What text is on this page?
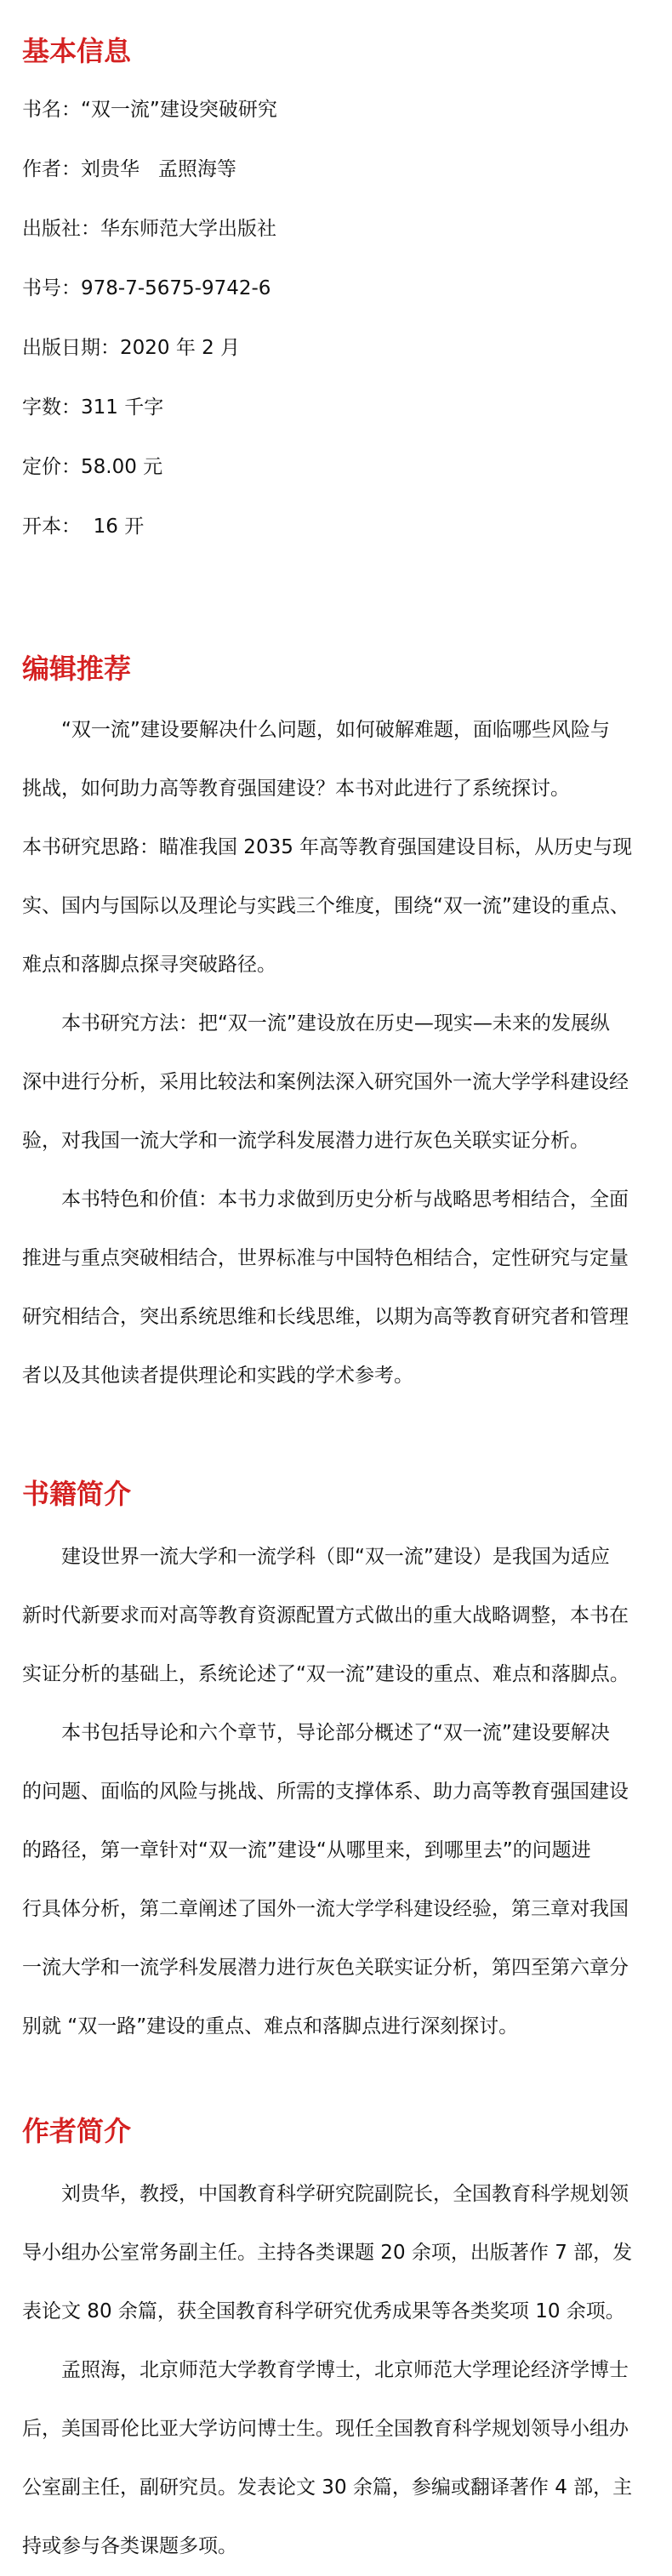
基本信息
书名：“双一流”建设突破研究
作者：刘贵华   孟照海等
出版社：华东师范大学出版社
书号：978-7-5675-9742-6
出版日期：2020 年 2 月
字数：311 千字
定价：58.00 元
开本：  16 开
编辑推荐
“双一流”建设要解决什么问题，如何破解难题，面临哪些风险与
挑战，如何助力高等教育强国建设？本书对此进行了系统探讨。
本书研究思路：瞄准我国 2035 年高等教育强国建设目标，从历史与现
实、国内与国际以及理论与实践三个维度，围绕“双一流”建设的重点、
难点和落脚点探寻突破路径。
本书研究方法：把“双一流”建设放在历史—现实—未来的发展纵
深中进行分析，采用比较法和案例法深入研究国外一流大学学科建设经
验，对我国一流大学和一流学科发展潜力进行灰色关联实证分析。
本书特色和价值：本书力求做到历史分析与战略思考相结合，全面
推进与重点突破相结合，世界标准与中国特色相结合，定性研究与定量
研究相结合，突出系统思维和长线思维，以期为高等教育研究者和管理
者以及其他读者提供理论和实践的学术参考。
书籍简介
建设世界一流大学和一流学科（即“双一流”建设）是我国为适应
新时代新要求而对高等教育资源配置方式做出的重大战略调整，本书在
实证分析的基础上，系统论述了“双一流”建设的重点、难点和落脚点。
本书包括导论和六个章节，导论部分概述了“双一流”建设要解决
的问题、面临的风险与挑战、所需的支撑体系、助力高等教育强国建设
的路径，第一章针对“双一流”建设“从哪里来，到哪里去”的问题进
行具体分析，第二章阐述了国外一流大学学科建设经验，第三章对我国
一流大学和一流学科发展潜力进行灰色关联实证分析，第四至第六章分
别就 “双一路”建设的重点、难点和落脚点进行深刻探讨。
作者简介
刘贵华，教授，中国教育科学研究院副院长，全国教育科学规划领
导小组办公室常务副主任。主持各类课题 20 余项，出版著作 7 部，发
表论文 80 余篇，获全国教育科学研究优秀成果等各类奖项 10 余项。
孟照海，北京师范大学教育学博士，北京师范大学理论经济学博士
后，美国哥伦比亚大学访问博士生。现任全国教育科学规划领导小组办
公室副主任，副研究员。发表论文 30 余篇，参编或翻译著作 4 部，主
持或参与各类课题多项。
